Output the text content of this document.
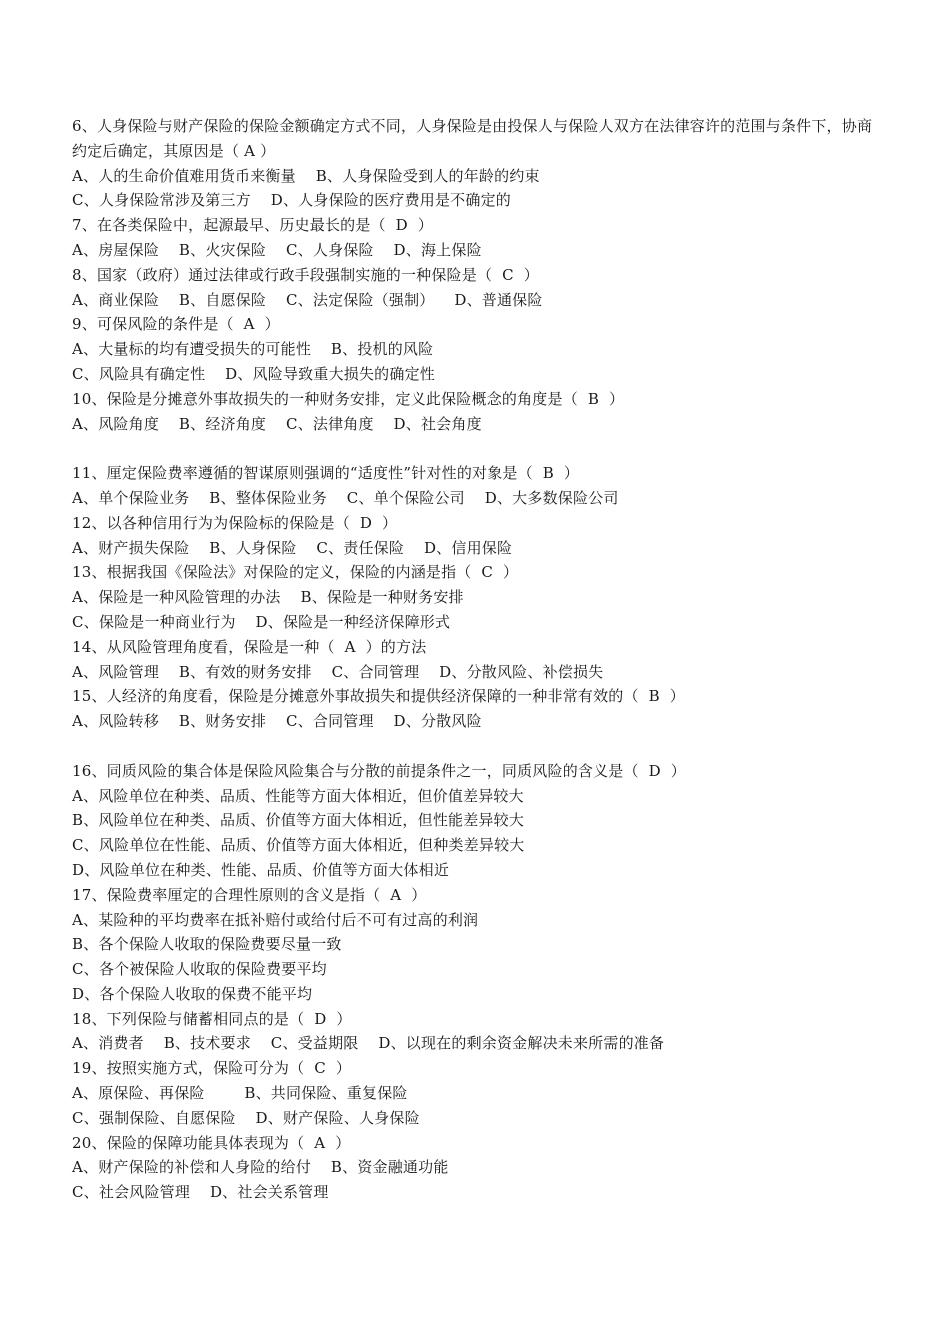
6、人身保险与财产保险的保险金额确定方式不同，人身保险是由投保人与保险人双方在法律容许的范围与条件下，协商约定后确定，其原因是（ A ）
A、人的生命价值难用货币来衡量    B、人身保险受到人的年龄的约束
C、人身保险常涉及第三方    D、人身保险的医疗费用是不确定的
7、在各类保险中，起源最早、历史最长的是（  D  ）
A、房屋保险    B、火灾保险    C、人身保险    D、海上保险
8、国家（政府）通过法律或行政手段强制实施的一种保险是（  C  ）
A、商业保险    B、自愿保险    C、法定保险（强制）    D、普通保险
9、可保风险的条件是（  A  ）
A、大量标的均有遭受损失的可能性    B、投机的风险
C、风险具有确定性    D、风险导致重大损失的确定性
10、保险是分摊意外事故损失的一种财务安排，定义此保险概念的角度是（  B  ）
A、风险角度    B、经济角度    C、法律角度    D、社会角度
11、厘定保险费率遵循的智谋原则强调的“适度性”针对性的对象是（  B  ）
A、单个保险业务    B、整体保险业务    C、单个保险公司    D、大多数保险公司
12、以各种信用行为为保险标的保险是（  D  ）
A、财产损失保险    B、人身保险    C、责任保险    D、信用保险
13、根据我国《保险法》对保险的定义，保险的内涵是指（  C  ）
A、保险是一种风险管理的办法    B、保险是一种财务安排
C、保险是一种商业行为    D、保险是一种经济保障形式
14、从风险管理角度看，保险是一种（  A  ）的方法
A、风险管理    B、有效的财务安排    C、合同管理    D、分散风险、补偿损失
15、人经济的角度看，保险是分摊意外事故损失和提供经济保障的一种非常有效的（  B  ）
A、风险转移    B、财务安排    C、合同管理    D、分散风险
16、同质风险的集合体是保险风险集合与分散的前提条件之一，同质风险的含义是（  D  ）
A、风险单位在种类、品质、性能等方面大体相近，但价值差异较大
B、风险单位在种类、品质、价值等方面大体相近，但性能差异较大
C、风险单位在性能、品质、价值等方面大体相近，但种类差异较大
D、风险单位在种类、性能、品质、价值等方面大体相近
17、保险费率厘定的合理性原则的含义是指（  A  ）
A、某险种的平均费率在抵补赔付或给付后不可有过高的利润
B、各个保险人收取的保险费要尽量一致
C、各个被保险人收取的保险费要平均
D、各个保险人收取的保费不能平均
18、下列保险与储蓄相同点的是（  D  ）
A、消费者    B、技术要求    C、受益期限    D、以现在的剩余资金解决未来所需的准备
19、按照实施方式，保险可分为（  C  ）
A、原保险、再保险        B、共同保险、重复保险
C、强制保险、自愿保险    D、财产保险、人身保险
20、保险的保障功能具体表现为（  A  ）
A、财产保险的补偿和人身险的给付    B、资金融通功能
C、社会风险管理    D、社会关系管理
